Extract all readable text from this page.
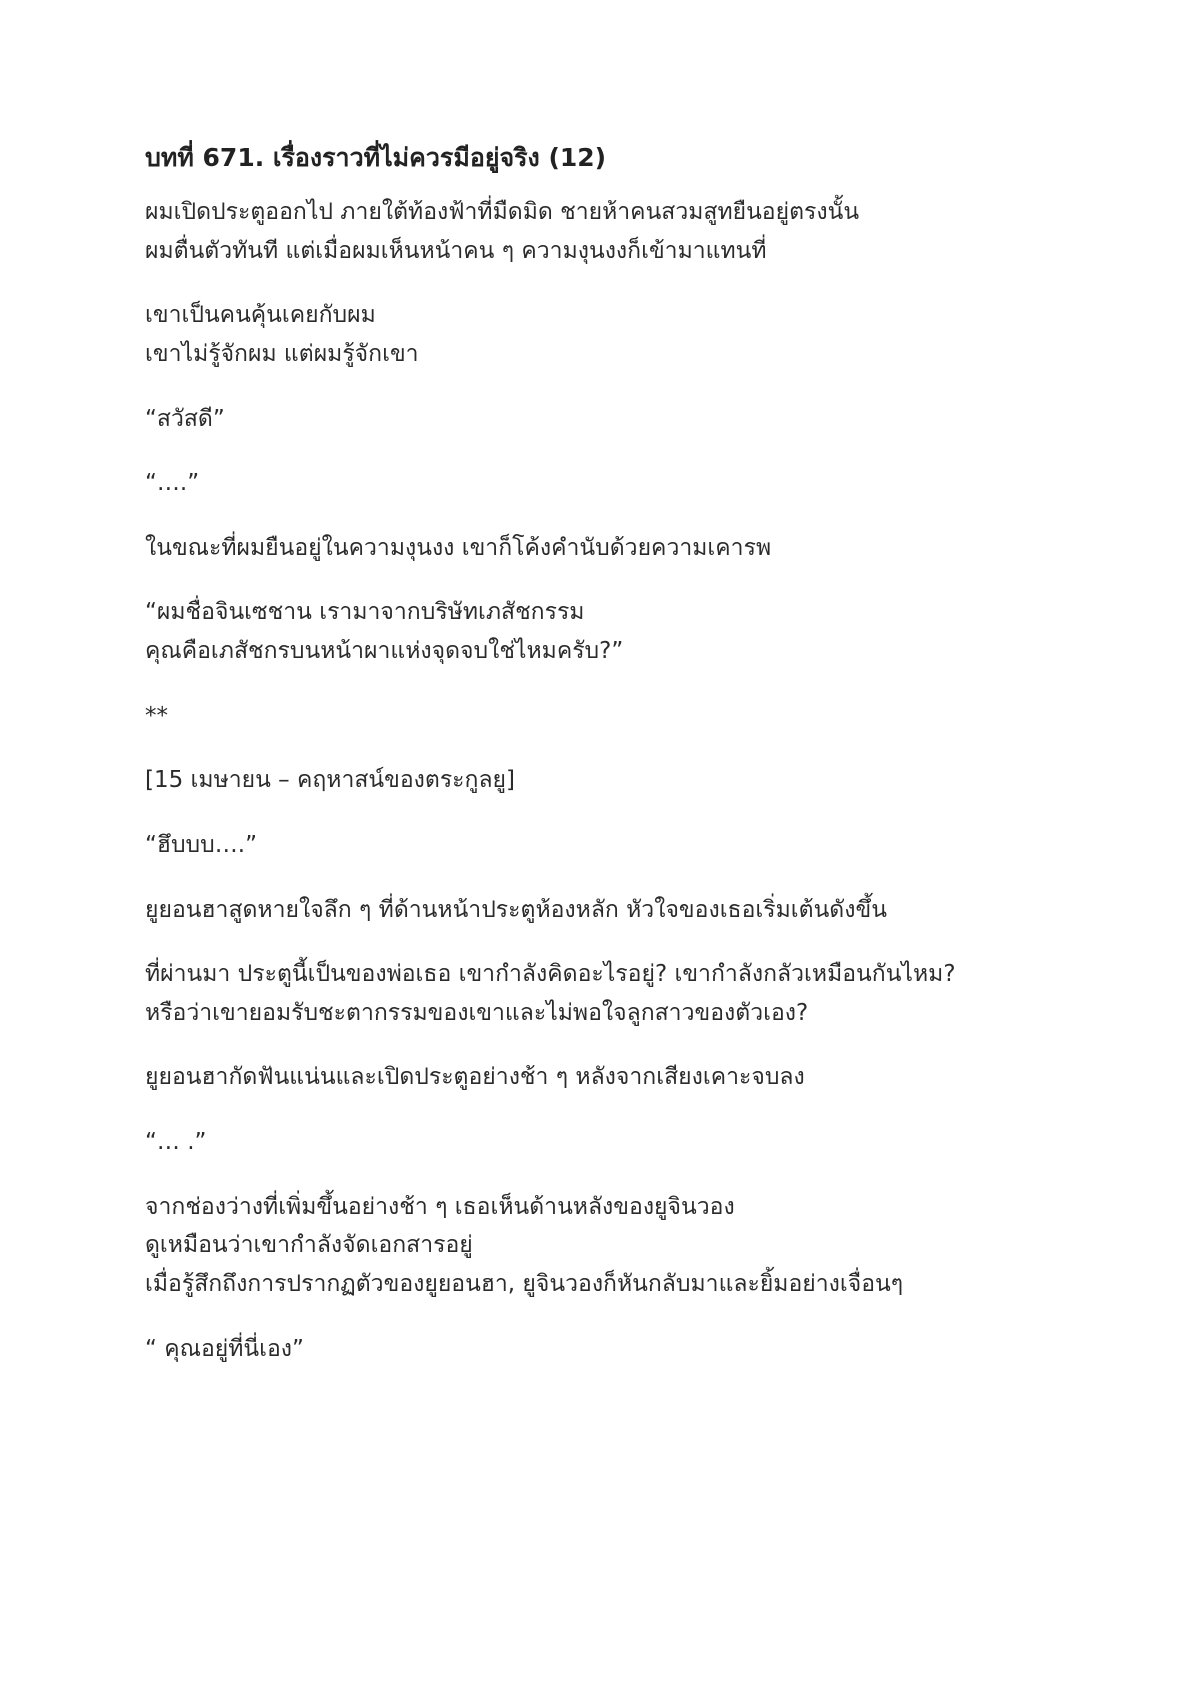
บทที่ 671. เรื่องราวที่ไม่ควรมีอยู่จริง (12)
ผมเปิดประตูออกไป ภายใต้ท้องฟ้าที่มืดมิด ชายห้าคนสวมสูทยืนอยู่ตรงนั้น
ผมตื่นตัวทันที แต่เมื่อผมเห็นหน้าคน ๆ ความงุนงงก็เข้ามาแทนที่
เขาเป็นคนคุ้นเคยกับผม
เขาไม่รู้จักผม แต่ผมรู้จักเขา
“สวัสดี”
“….”
ในขณะที่ผมยืนอยู่ในความงุนงง เขาก็โค้งคำนับด้วยความเคารพ
“ผมชื่อจินเซชาน เรามาจากบริษัทเภสัชกรรม
คุณคือเภสัชกรบนหน้าผาแห่งจุดจบใช่ไหมครับ?”
**
[15 เมษายน – คฤหาสน์ของตระกูลยู]
“ฮึบบบ….”
ยูยอนฮาสูดหายใจลึก ๆ ที่ด้านหน้าประตูห้องหลัก หัวใจของเธอเริ่มเต้นดังขึ้น
ที่ผ่านมา ประตูนี้เป็นของพ่อเธอ เขากำลังคิดอะไรอยู่? เขากำลังกลัวเหมือนกันไหม?
หรือว่าเขายอมรับชะตากรรมของเขาและไม่พอใจลูกสาวของตัวเอง?
ยูยอนฮากัดฟันแน่นและเปิดประตูอย่างช้า ๆ หลังจากเสียงเคาะจบลง
“… .”
จากช่องว่างที่เพิ่มขึ้นอย่างช้า ๆ เธอเห็นด้านหลังของยูจินวอง
ดูเหมือนว่าเขากำลังจัดเอกสารอยู่
เมื่อรู้สึกถึงการปรากฏตัวของยูยอนฮา, ยูจินวองก็หันกลับมาและยิ้มอย่างเจื่อนๆ
“ คุณอยู่ที่นี่เอง”
